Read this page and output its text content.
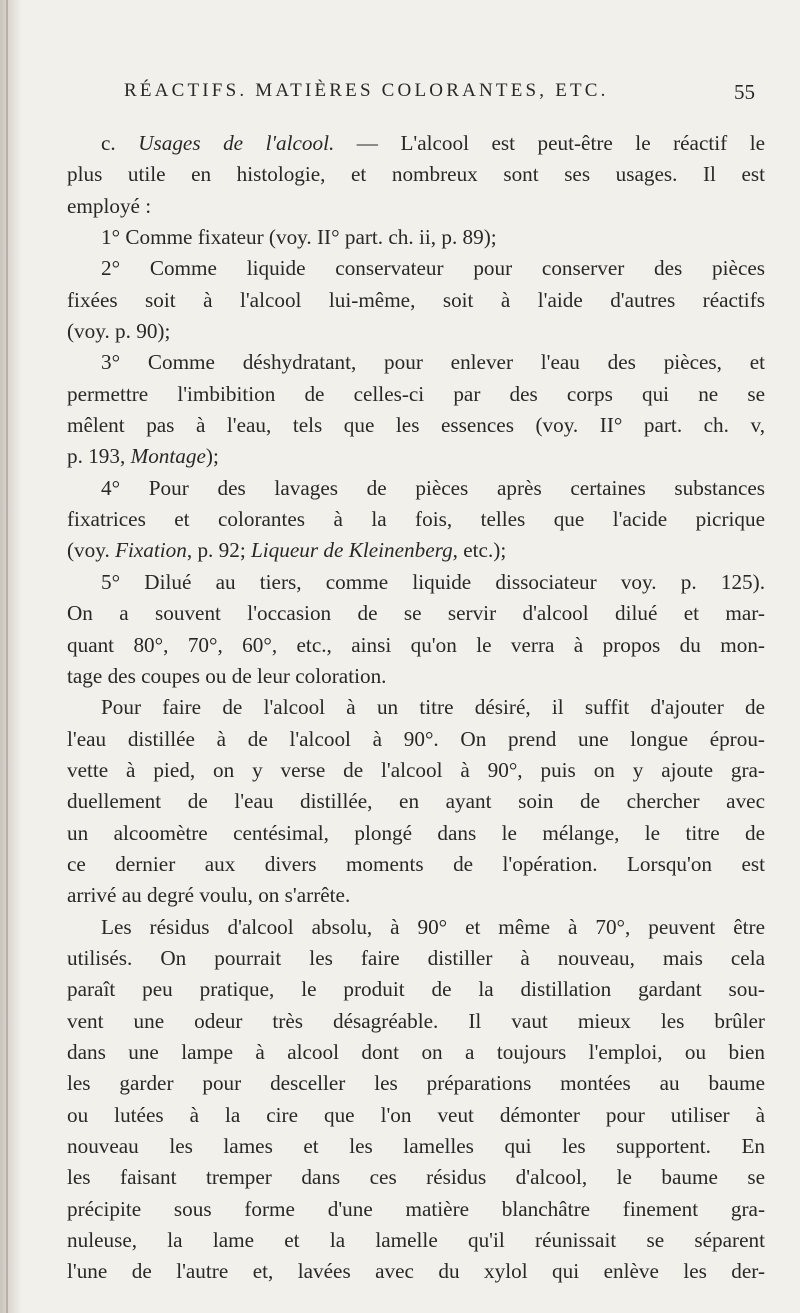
RÉACTIFS. MATIÈRES COLORANTES, ETC.	55
c. Usages de l'alcool. — L'alcool est peut-être le réactif le
plus utile en histologie, et nombreux sont ses usages. Il est
employé :
1° Comme fixateur (voy. II° part. ch. ii, p. 89);
2° Comme liquide conservateur pour conserver des pièces
fixées soit à l'alcool lui-même, soit à l'aide d'autres réactifs
(voy. p. 90);
3° Comme déshydratant, pour enlever l'eau des pièces, et
permettre l'imbibition de celles-ci par des corps qui ne se
mêlent pas à l'eau, tels que les essences (voy. II° part. ch. v,
p. 193, Montage);
4° Pour des lavages de pièces après certaines substances
fixatrices et colorantes à la fois, telles que l'acide picrique
(voy. Fixation, p. 92; Liqueur de Kleinenberg, etc.);
5° Dilué au tiers, comme liquide dissociateur voy. p. 125).
On a souvent l'occasion de se servir d'alcool dilué et mar-
quant 80°, 70°, 60°, etc., ainsi qu'on le verra à propos du mon-
tage des coupes ou de leur coloration.
Pour faire de l'alcool à un titre désiré, il suffit d'ajouter de
l'eau distillée à de l'alcool à 90°. On prend une longue éprou-
vette à pied, on y verse de l'alcool à 90°, puis on y ajoute gra-
duellement de l'eau distillée, en ayant soin de chercher avec
un alcoomètre centésimal, plongé dans le mélange, le titre de
ce dernier aux divers moments de l'opération. Lorsqu'on est
arrivé au degré voulu, on s'arrête.
Les résidus d'alcool absolu, à 90° et même à 70°, peuvent être
utilisés. On pourrait les faire distiller à nouveau, mais cela
paraît peu pratique, le produit de la distillation gardant sou-
vent une odeur très désagréable. Il vaut mieux les brûler
dans une lampe à alcool dont on a toujours l'emploi, ou bien
les garder pour desceller les préparations montées au baume
ou lutées à la cire que l'on veut démonter pour utiliser à
nouveau les lames et les lamelles qui les supportent. En
les faisant tremper dans ces résidus d'alcool, le baume se
précipite sous forme d'une matière blanchâtre finement gra-
nuleuse, la lame et la lamelle qu'il réunissait se séparent
l'une de l'autre et, lavées avec du xylol qui enlève les der-
